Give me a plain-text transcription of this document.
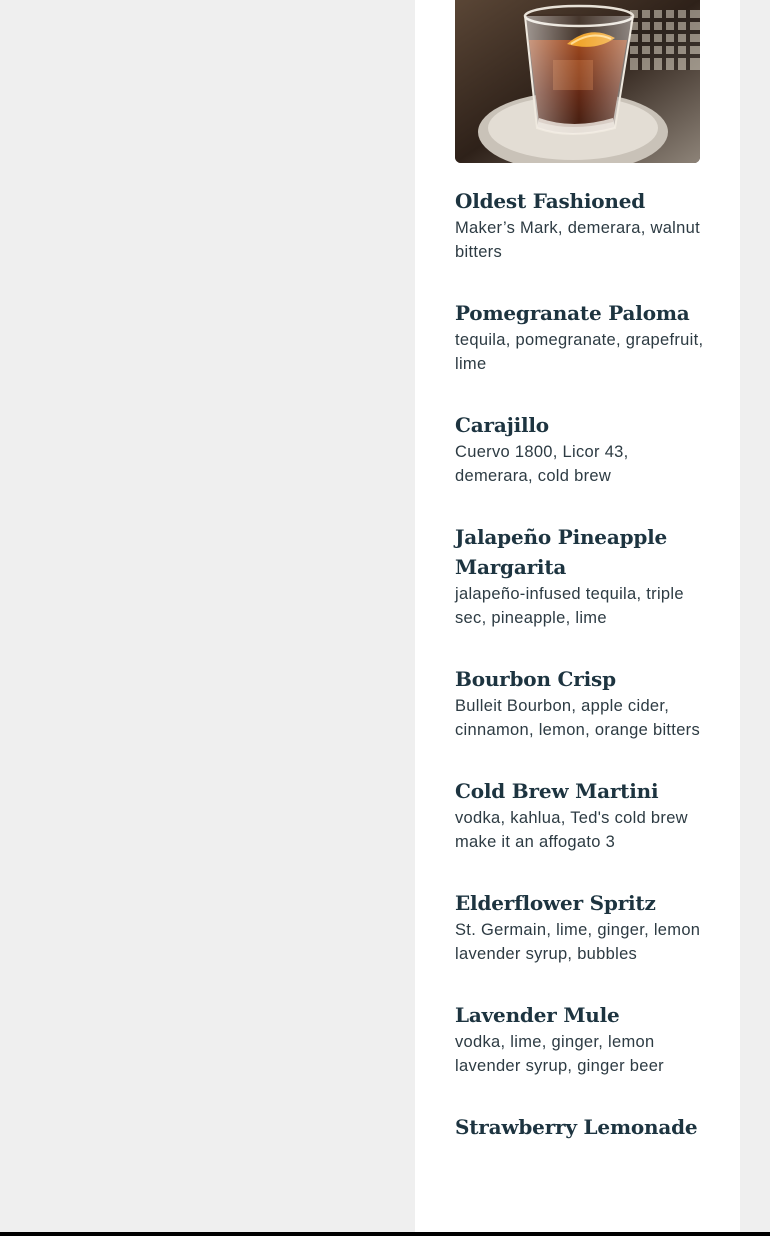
Oldest Fashioned

Maker’s Mark, demerara, walnut bitters

Pomegranate Paloma

tequila, pomegranate, grapefruit, lime

Carajillo

Cuervo 1800, Licor 43, demerara, cold brew

Jalapeño Pineapple Margarita

jalapeño-infused tequila, triple sec, pineapple, lime

Bourbon Crisp

Bulleit Bourbon, apple cider, cinnamon, lemon, orange bitters

Cold Brew Martini

vodka, kahlua, Ted's cold brew make it an affogato 3

Elderflower Spritz

St. Germain, lime, ginger, lemon lavender syrup, bubbles

Lavender Mule

vodka, lime, ginger, lemon lavender syrup, ginger beer

Strawberry Lemonade
